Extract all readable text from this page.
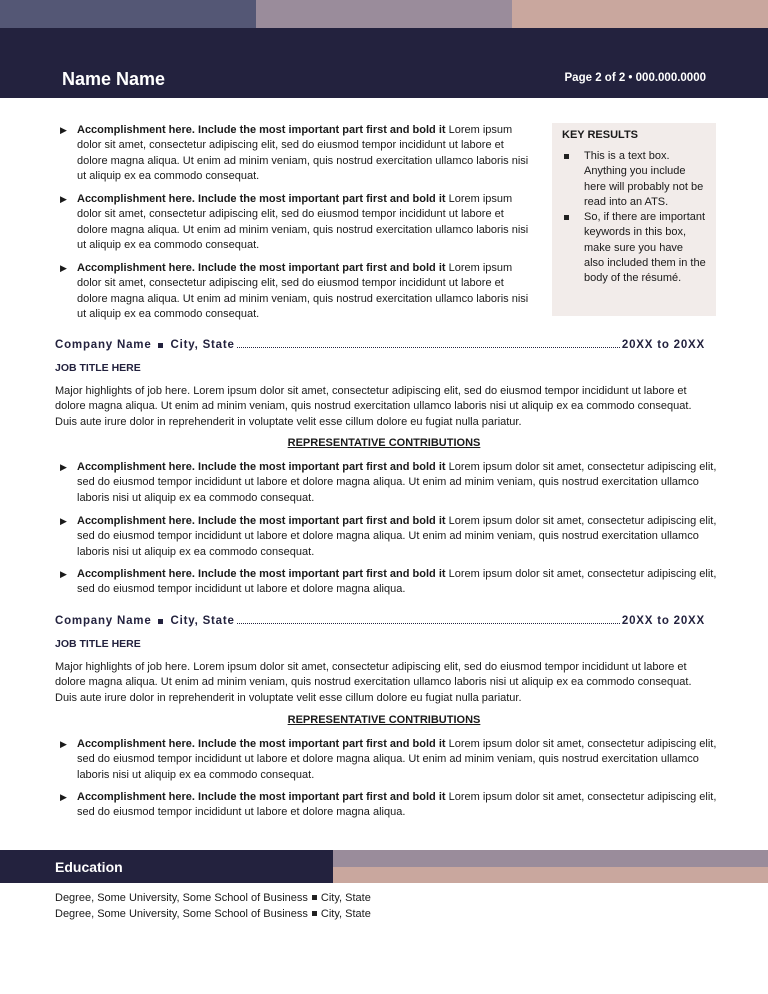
Name Name	Page 2 of 2 • 000.000.0000
▶ Accomplishment here. Include the most important part first and bold it Lorem ipsum dolor sit amet, consectetur adipiscing elit, sed do eiusmod tempor incididunt ut labore et dolore magna aliqua. Ut enim ad minim veniam, quis nostrud exercitation ullamco laboris nisi ut aliquip ex ea commodo consequat.
▶ Accomplishment here. Include the most important part first and bold it Lorem ipsum dolor sit amet, consectetur adipiscing elit, sed do eiusmod tempor incididunt ut labore et dolore magna aliqua. Ut enim ad minim veniam, quis nostrud exercitation ullamco laboris nisi ut aliquip ex ea commodo consequat.
▶ Accomplishment here. Include the most important part first and bold it Lorem ipsum dolor sit amet, consectetur adipiscing elit, sed do eiusmod tempor incididunt ut labore et dolore magna aliqua. Ut enim ad minim veniam, quis nostrud exercitation ullamco laboris nisi ut aliquip ex ea commodo consequat.
KEY RESULTS
This is a text box. Anything you include here will probably not be read into an ATS.
So, if there are important keywords in this box, make sure you have also included them in the body of the résumé.
Company Name City, State	20XX to 20XX
JOB TITLE HERE
Major highlights of job here. Lorem ipsum dolor sit amet, consectetur adipiscing elit, sed do eiusmod tempor incididunt ut labore et dolore magna aliqua. Ut enim ad minim veniam, quis nostrud exercitation ullamco laboris nisi ut aliquip ex ea commodo consequat. Duis aute irure dolor in reprehenderit in voluptate velit esse cillum dolore eu fugiat nulla pariatur.
REPRESENTATIVE CONTRIBUTIONS
▶ Accomplishment here. Include the most important part first and bold it Lorem ipsum dolor sit amet, consectetur adipiscing elit, sed do eiusmod tempor incididunt ut labore et dolore magna aliqua. Ut enim ad minim veniam, quis nostrud exercitation ullamco laboris nisi ut aliquip ex ea commodo consequat.
▶ Accomplishment here. Include the most important part first and bold it Lorem ipsum dolor sit amet, consectetur adipiscing elit, sed do eiusmod tempor incididunt ut labore et dolore magna aliqua. Ut enim ad minim veniam, quis nostrud exercitation ullamco laboris nisi ut aliquip ex ea commodo consequat.
▶ Accomplishment here. Include the most important part first and bold it Lorem ipsum dolor sit amet, consectetur adipiscing elit, sed do eiusmod tempor incididunt ut labore et dolore magna aliqua.
Company Name City, State	20XX to 20XX
JOB TITLE HERE
Major highlights of job here. Lorem ipsum dolor sit amet, consectetur adipiscing elit, sed do eiusmod tempor incididunt ut labore et dolore magna aliqua. Ut enim ad minim veniam, quis nostrud exercitation ullamco laboris nisi ut aliquip ex ea commodo consequat. Duis aute irure dolor in reprehenderit in voluptate velit esse cillum dolore eu fugiat nulla pariatur.
REPRESENTATIVE CONTRIBUTIONS
▶ Accomplishment here. Include the most important part first and bold it Lorem ipsum dolor sit amet, consectetur adipiscing elit, sed do eiusmod tempor incididunt ut labore et dolore magna aliqua. Ut enim ad minim veniam, quis nostrud exercitation ullamco laboris nisi ut aliquip ex ea commodo consequat.
▶ Accomplishment here. Include the most important part first and bold it Lorem ipsum dolor sit amet, consectetur adipiscing elit, sed do eiusmod tempor incididunt ut labore et dolore magna aliqua.
Education
Degree, Some University, Some School of Business City, State
Degree, Some University, Some School of Business City, State
